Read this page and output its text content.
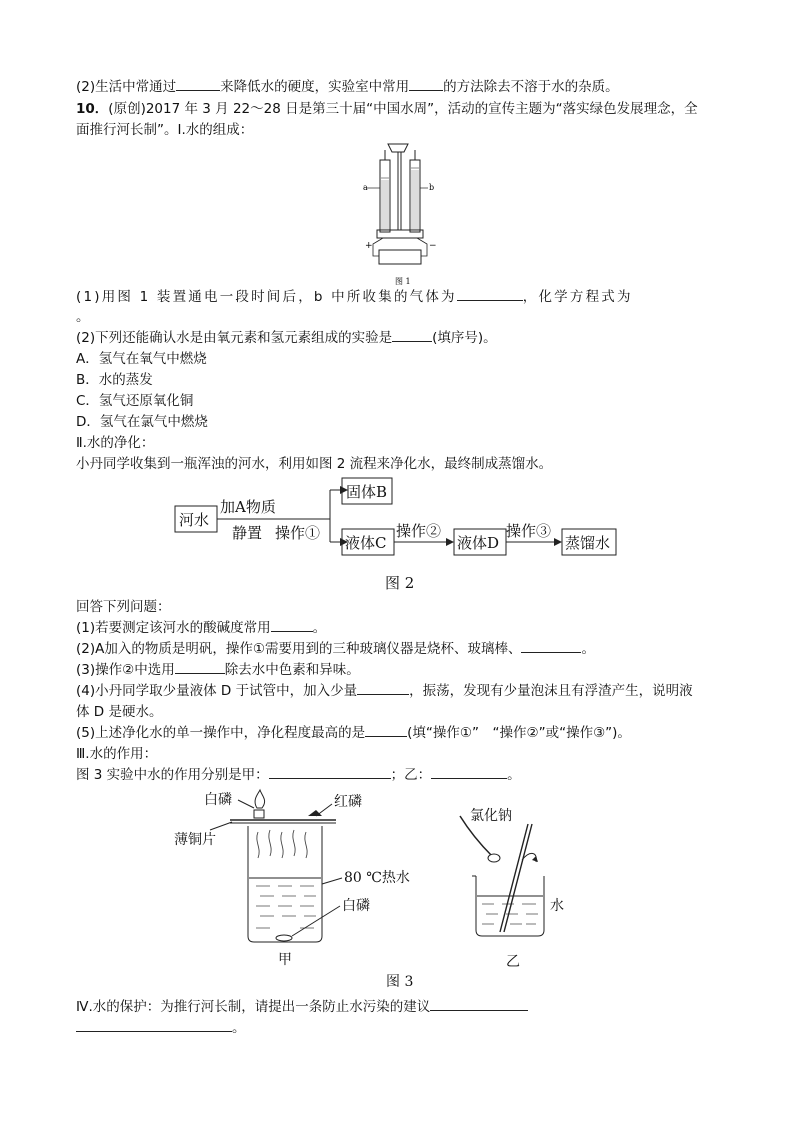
(2)生活中常通过	来降低水的硬度，实验室中常用	的方法除去不溶于水的杂质。
10．(原创)2017 年 3 月 22～28 日是第三十届“中国水周”，活动的宣传主题为“落实绿色发展理念，全
面推行河长制”。Ⅰ.水的组成：
a	b
+	−
图 1
(1)用图 1 装置通电一段时间后，b 中所收集的气体为	，化学方程式为
。
(2)下列还能确认水是由氧元素和氢元素组成的实验是	(填序号)。
A．氢气在氧气中燃烧
B．水的蒸发
C．氢气还原氧化铜
D．氢气在氯气中燃烧
Ⅱ.水的净化：
小丹同学收集到一瓶浑浊的河水，利用如图 2 流程来净化水，最终制成蒸馏水。
河水
加A物质
静置 操作①
固体B
液体C
操作②
液体D
操作③
蒸馏水
图 2
回答下列问题：
(1)若要测定该河水的酸碱度常用	。
(2)A加入的物质是明矾，操作①需要用到的三种玻璃仪器是烧杯、玻璃棒、	。
(3)操作②中选用	除去水中色素和异味。
(4)小丹同学取少量液体 D 于试管中，加入少量	，振荡，发现有少量泡沫且有浮渣产生，说明液
体 D 是硬水。
(5)上述净化水的单一操作中，净化程度最高的是	(填“操作①”　“操作②”或“操作③”)。
Ⅲ.水的作用：
图 3 实验中水的作用分别是甲：	；乙：	。
白磷	红磷
薄铜片
80 ℃热水
白磷
甲
氯化钠
水
乙
图 3
Ⅳ.水的保护：为推行河长制，请提出一条防止水污染的建议
。
